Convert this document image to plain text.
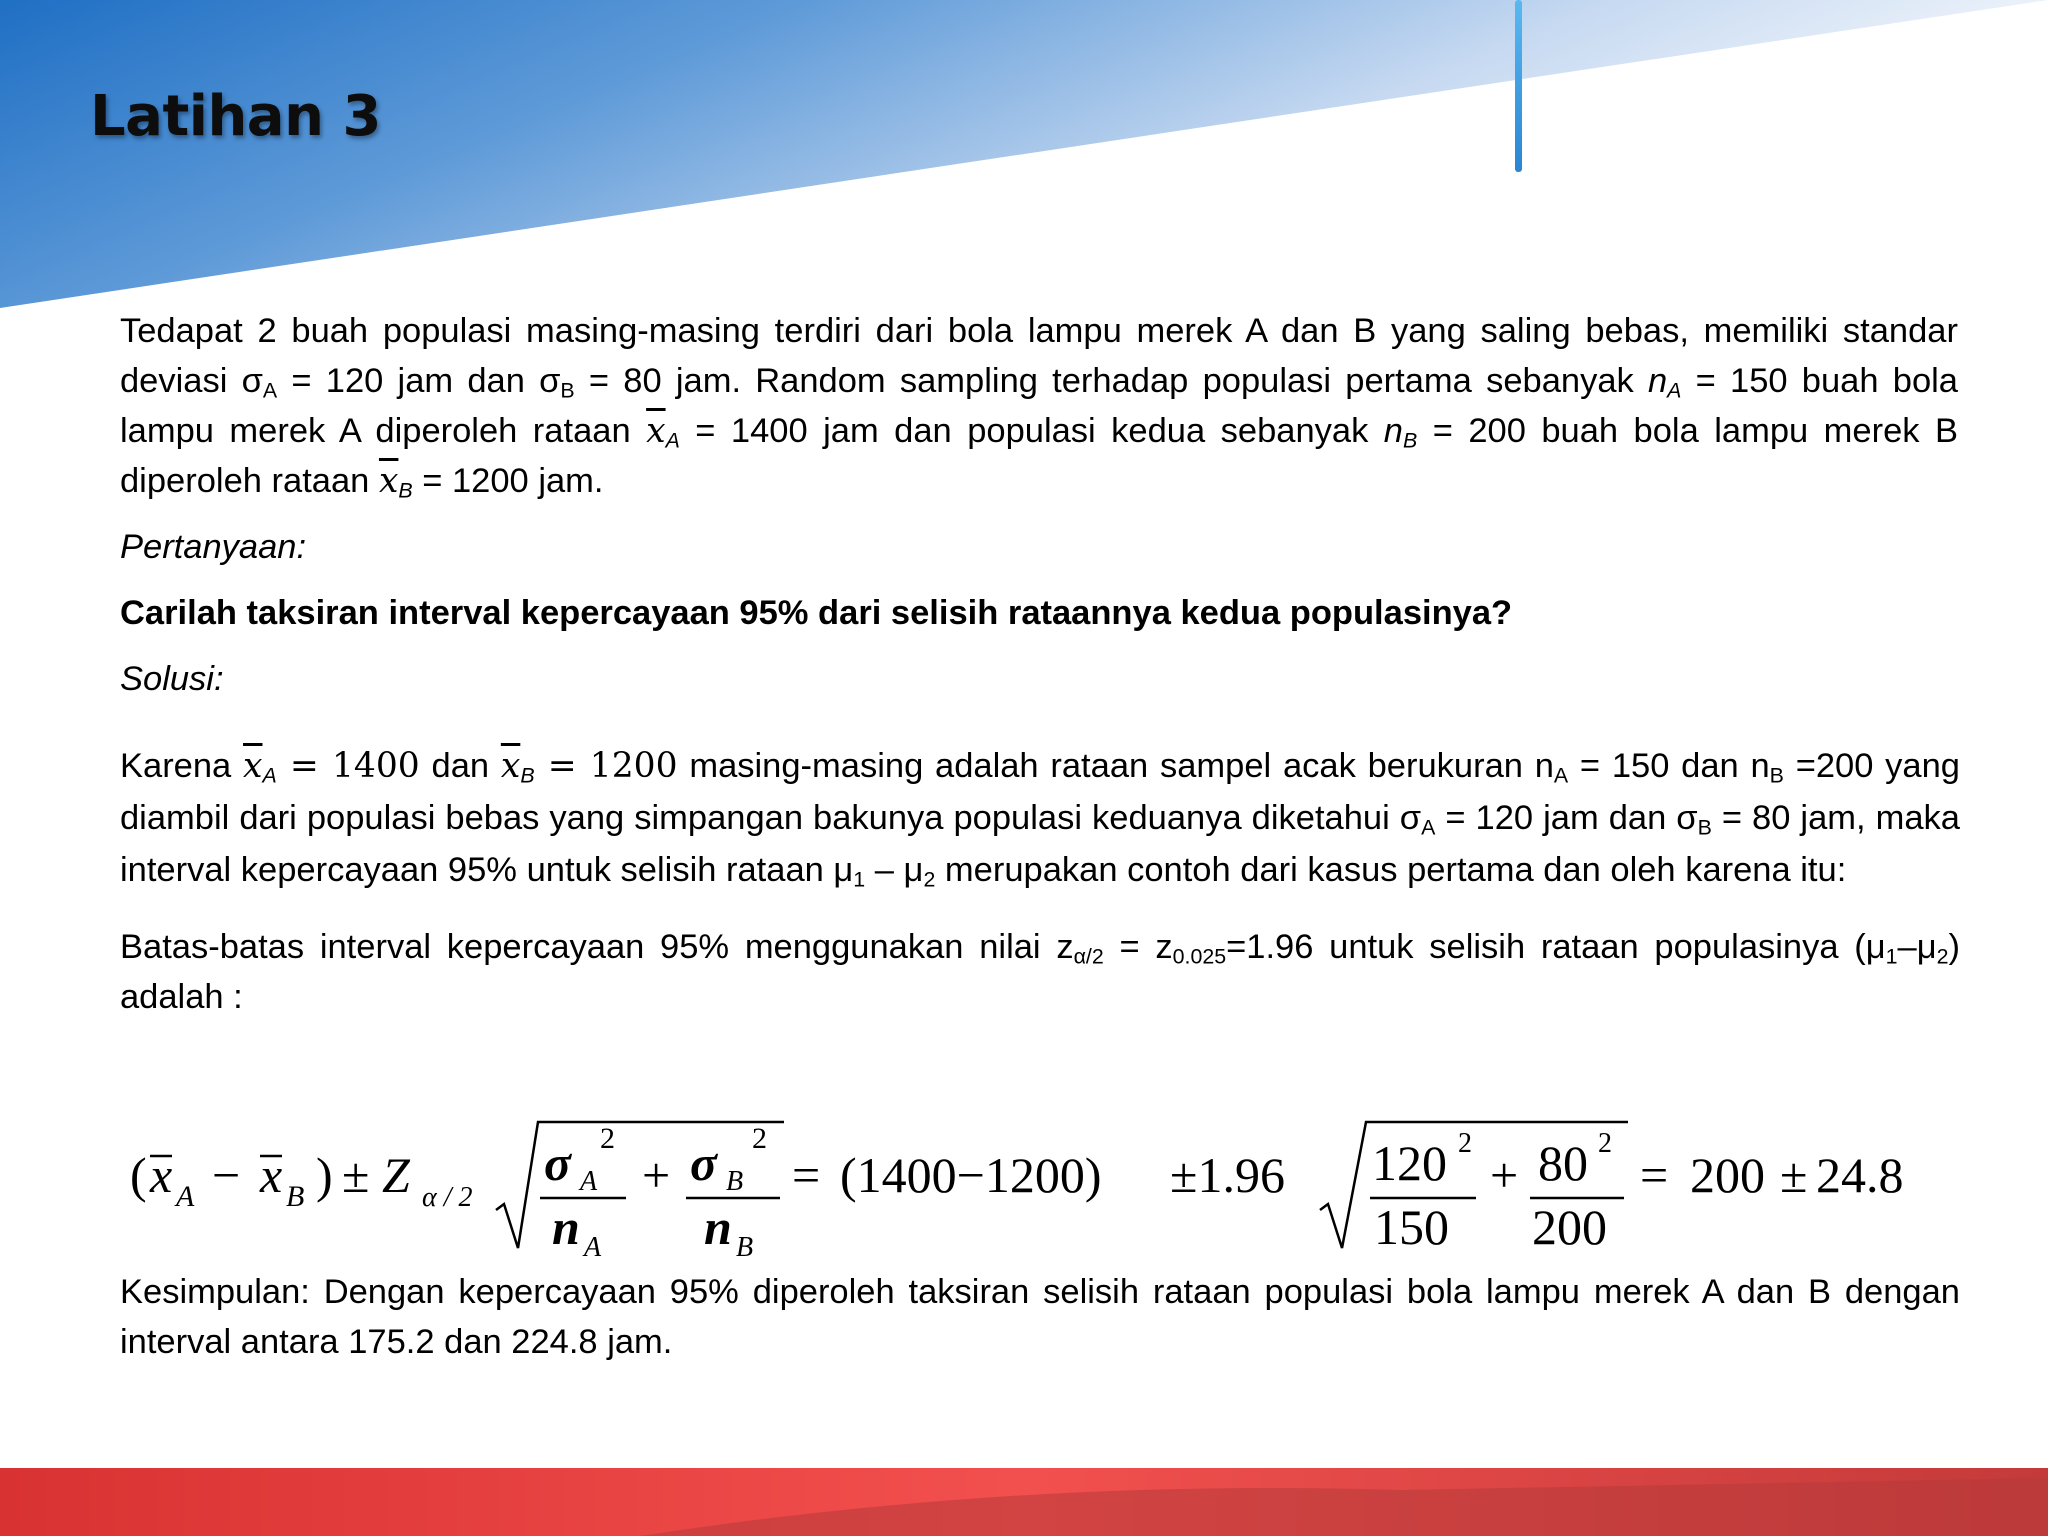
Latihan 3

Tedapat 2 buah populasi masing-masing terdiri dari bola lampu merek A dan B yang saling bebas, memiliki standar deviasi $\sigma_A = 120$ jam dan $\sigma_B = 80$ jam. Random sampling terhadap populasi pertama sebanyak $n_A = 150$ buah bola lampu merek A diperoleh rataan $\overline{x}_A = 1400$ jam dan populasi kedua sebanyak $n_B = 200$ buah bola lampu merek B diperoleh rataan $\overline{x}_B = 1200$ jam.

Pertanyaan:

Carilah taksiran interval kepercayaan 95% dari selisih rataannya kedua populasinya?

Solusi:

Karena $\overline{x}_A = 1400$ dan $\overline{x}_B = 1200$ masing-masing adalah rataan sampel acak berukuran $n_A = 150$ dan $n_B =200$ yang diambil dari populasi bebas yang simpangan bakunya populasi keduanya diketahui $\sigma_A = 120$ jam dan $\sigma_B = 80$ jam, maka interval kepercayaan 95% untuk selisih rataan $\mu_1 - \mu_2$ merupakan contoh dari kasus pertama dan oleh karena itu:

Batas-batas interval kepercayaan 95% menggunakan nilai $z_{\alpha/2} = z_{0.025}=1.96$ untuk selisih rataan populasinya $(\mu_1-\mu_2)$ adalah :

( x A − x B ) ± Z α / 2
σ A
2
n A
+ σ B
2
n B
= (1400−1200) ±1.96 120 2
150
+ 80 2
200
= 200 ± 24.8

Kesimpulan: Dengan kepercayaan 95% diperoleh taksiran selisih rataan populasi bola lampu merek A dan B dengan interval antara 175.2 dan 224.8 jam.
